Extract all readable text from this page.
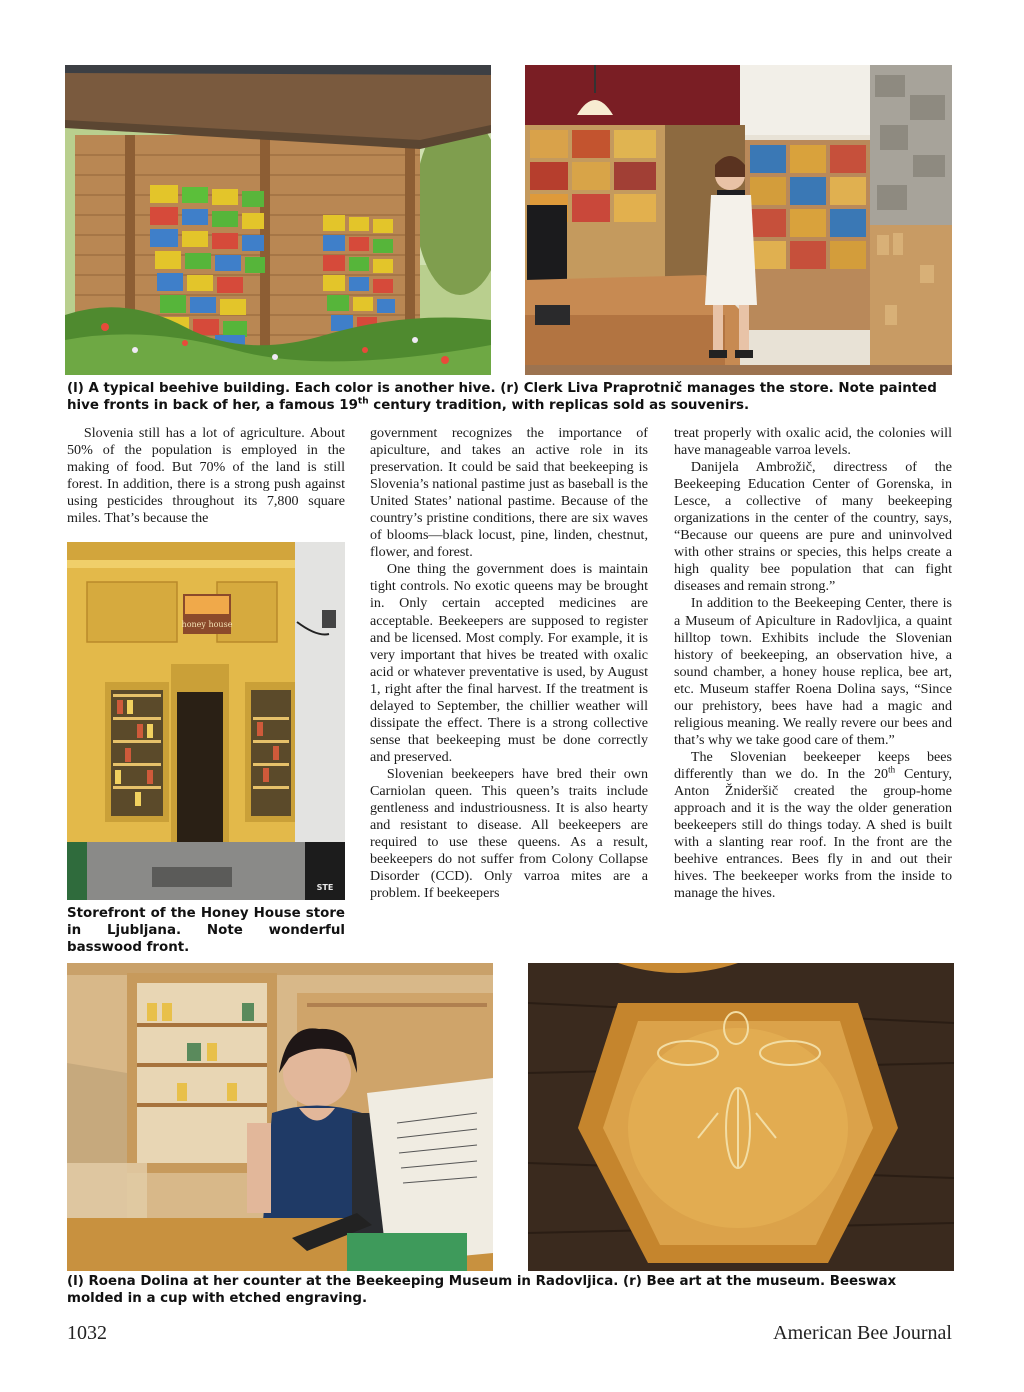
(l) A typical beehive building. Each color is another hive. (r) Clerk Liva Praprotnič manages the store. Note painted hive fronts in back of her, a famous 19th century tradition, with replicas sold as souvenirs.

Slovenia still has a lot of agriculture. About 50% of the population is employed in the making of food. But 70% of the land is still forest. In addition, there is a strong push against using pesticides throughout its 7,800 square miles. That’s because the

honey house
STE
Storefront of the Honey House store in Ljubljana. Note wonderful basswood front.

government recognizes the importance of apiculture, and takes an active role in its preservation. It could be said that beekeeping is Slovenia’s national pastime just as baseball is the United States’ national pastime. Because of the country’s pristine conditions, there are six waves of blooms—black locust, pine, linden, chestnut, flower, and forest.

One thing the government does is maintain tight controls. No exotic queens may be brought in. Only certain accepted medicines are acceptable. Beekeepers are supposed to register and be licensed. Most comply. For example, it is very important that hives be treated with oxalic acid or whatever preventative is used, by August 1, right after the final harvest. If the treatment is delayed to September, the chillier weather will dissipate the effect. There is a strong collective sense that beekeeping must be done correctly and preserved.

Slovenian beekeepers have bred their own Carniolan queen. This queen’s traits include gentleness and industriousness. It is also hearty and resistant to disease. All beekeepers are required to use these queens. As a result, beekeepers do not suffer from Colony Collapse Disorder (CCD). Only varroa mites are a problem. If beekeepers

treat properly with oxalic acid, the colonies will have manageable varroa levels.

Danijela Ambrožič, directress of the Beekeeping Education Center of Gorenska, in Lesce, a collective of many beekeeping organizations in the center of the country, says, “Because our queens are pure and uninvolved with other strains or species, this helps create a high quality bee population that can fight diseases and remain strong.”

In addition to the Beekeeping Center, there is a Museum of Apiculture in Radovljica, a quaint hilltop town. Exhibits include the Slovenian history of beekeeping, an observation hive, a sound chamber, a honey house replica, bee art, etc. Museum staffer Roena Dolina says, “Since our prehistory, bees have had a magic and religious meaning. We really revere our bees and that’s why we take good care of them.”

The Slovenian beekeeper keeps bees differently than we do. In the 20th Century, Anton Žnideršič created the group-home approach and it is the way the older generation beekeepers still do things today. A shed is built with a slanting rear roof. In the front are the beehive entrances. Bees fly in and out their hives. The beekeeper works from the inside to manage the hives.

(l) Roena Dolina at her counter at the Beekeeping Museum in Radovljica. (r) Bee art at the museum. Beeswax molded in a cup with etched engraving.
1032	American Bee Journal
